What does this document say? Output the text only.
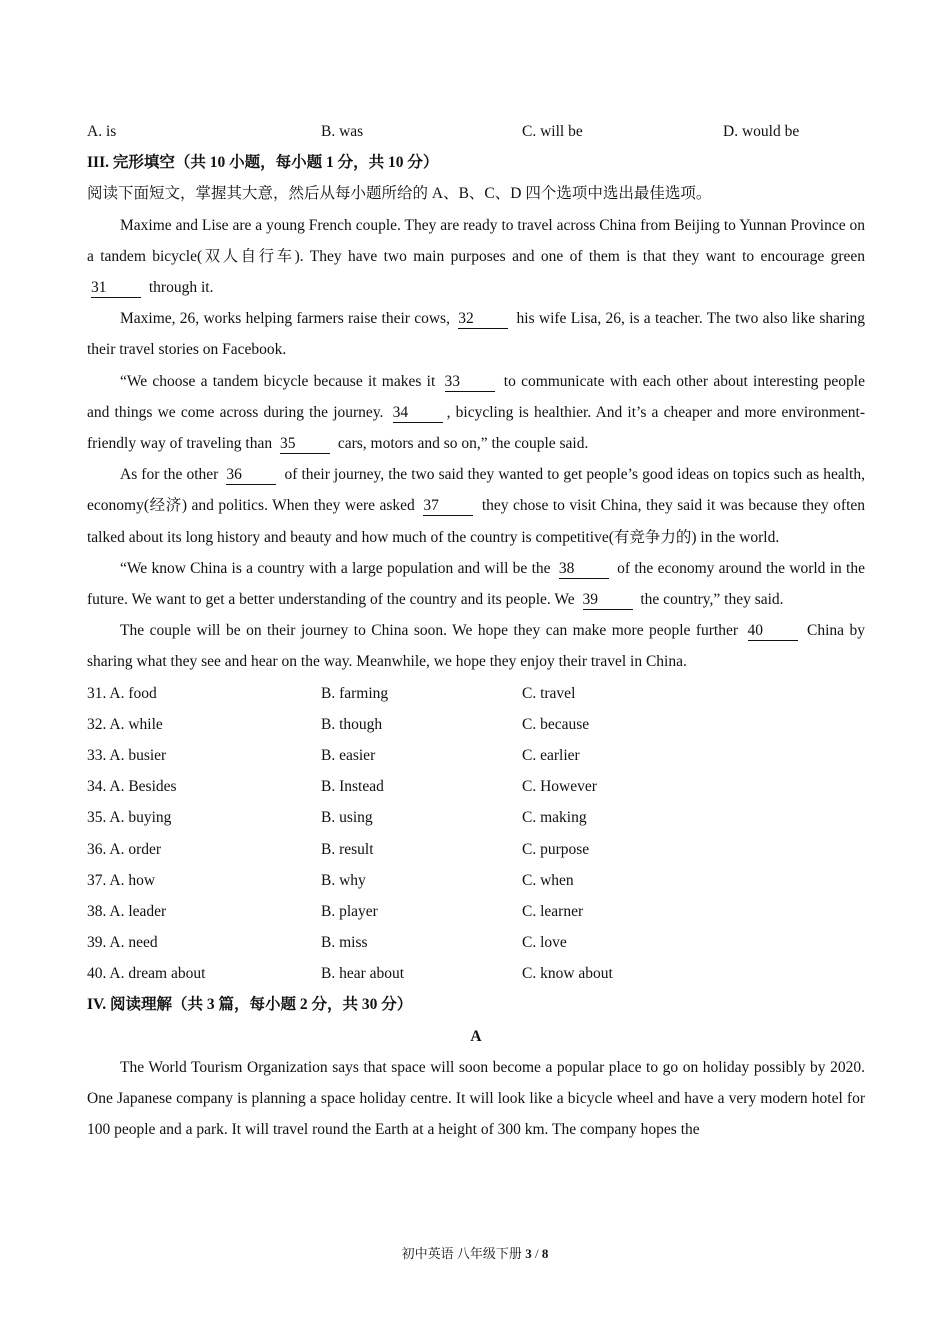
A. is	B. was	C. will be	D. would be
III. 完形填空（共 10 小题，每小题 1 分，共 10 分）
阅读下面短文，掌握其大意，然后从每小题所给的 A、B、C、D 四个选项中选出最佳选项。

Maxime and Lise are a young French couple. They are ready to travel across China from Beijing to Yunnan Province on a tandem bicycle(双人自行车). They have two main purposes and one of them is that they want to encourage green 31	through it.

Maxime, 26, works helping farmers raise their cows, 32	his wife Lisa, 26, is a teacher. The two also like sharing their travel stories on Facebook.

“We choose a tandem bicycle because it makes it 33	to communicate with each other about interesting people and things we come across during the journey. 34 , bicycling is healthier. And it’s a cheaper and more environment-friendly way of traveling than 35	cars, motors and so on,” the couple said.

As for the other 36	of their journey, the two said they wanted to get people’s good ideas on topics such as health, economy(经济) and politics. When they were asked 37	they chose to visit China, they said it was because they often talked about its long history and beauty and how much of the country is competitive(有竞争力的) in the world.

“We know China is a country with a large population and will be the 38	of the economy around the world in the future. We want to get a better understanding of the country and its people. We 39	the country,” they said.

The couple will be on their journey to China soon. We hope they can make more people further 40	China by sharing what they see and hear on the way. Meanwhile, we hope they enjoy their travel in China.

31. A. food	B. farming	C. travel
32. A. while	B. though	C. because
33. A. busier	B. easier	C. earlier
34. A. Besides	B. Instead	C. However
35. A. buying	B. using	C. making
36. A. order	B. result	C. purpose
37. A. how	B. why	C. when
38. A. leader	B. player	C. learner
39. A. need	B. miss	C. love
40. A. dream about	B. hear about	C. know about
IV. 阅读理解（共 3 篇，每小题 2 分，共 30 分）
A

The World Tourism Organization says that space will soon become a popular place to go on holiday possibly by 2020. One Japanese company is planning a space holiday centre. It will look like a bicycle wheel and have a very modern hotel for 100 people and a park. It will travel round the Earth at a height of 300 km. The company hopes the

初中英语 八年级下册 3 / 8
